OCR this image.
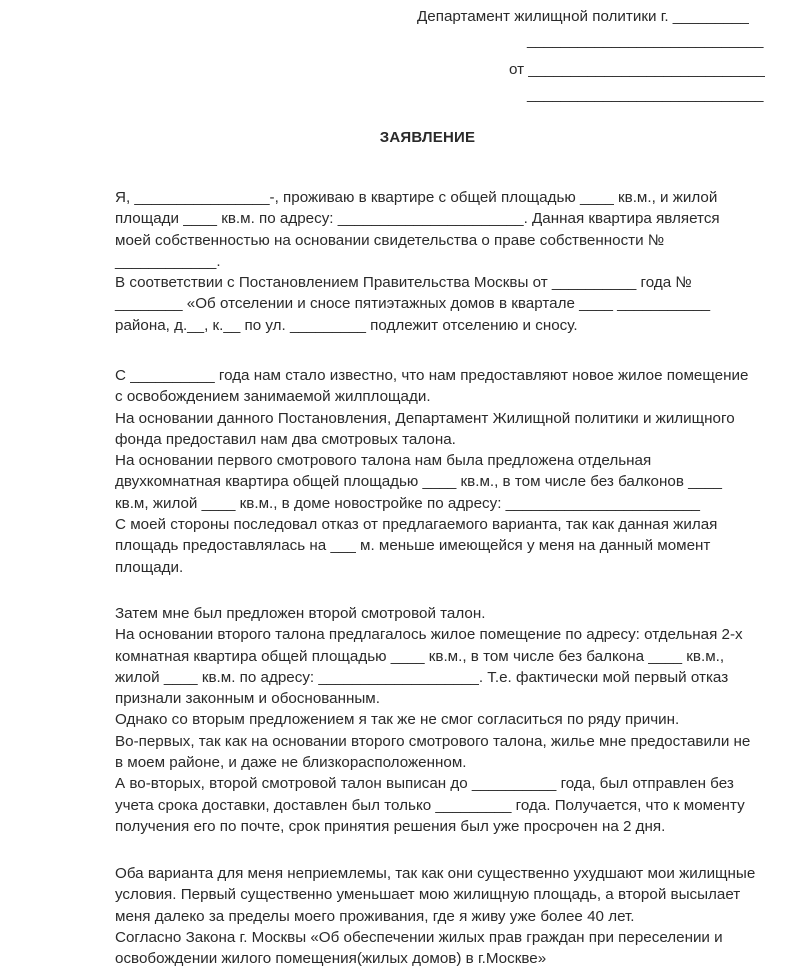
Департамент жилищной политики г. _________
____________________________
от ____________________________
____________________________
ЗАЯВЛЕНИЕ
Я, ________________-, проживаю в квартире с общей площадью ____ кв.м., и жилой
площади ____ кв.м. по адресу: ______________________. Данная квартира является
моей собственностью на основании свидетельства о праве собственности №
____________.
В соответствии с Постановлением Правительства Москвы от __________ года №
________ «Об отселении и сносе пятиэтажных домов в квартале ____ ___________
района, д.__, к.__ по ул. _________ подлежит отселению и сносу.
С __________ года нам стало известно, что нам предоставляют новое жилое помещение
с освобождением занимаемой жилплощади.
На основании данного Постановления, Департамент Жилищной политики и жилищного
фонда предоставил нам два смотровых талона.
На основании первого смотрового талона нам была предложена отдельная
двухкомнатная квартира общей площадью ____ кв.м., в том числе без балконов ____
кв.м, жилой ____ кв.м., в доме новостройке по адресу: _______________________
С моей стороны последовал отказ от предлагаемого варианта, так как данная жилая
площадь предоставлялась на ___ м. меньше имеющейся у меня на данный момент
площади.
Затем мне был предложен второй смотровой талон.
На основании второго талона предлагалось жилое помещение по адресу: отдельная 2-х
комнатная квартира общей площадью ____ кв.м., в том числе без балкона ____ кв.м.,
жилой ____ кв.м. по адресу: ___________________. Т.е. фактически мой первый отказ
признали законным и обоснованным.
Однако со вторым предложением я так же не смог согласиться по ряду причин.
Во-первых, так как на основании второго смотрового талона, жилье мне предоставили не
в моем районе, и даже не близкорасположенном.
А во-вторых, второй смотровой талон выписан до __________ года, был отправлен без
учета срока доставки, доставлен был только _________ года. Получается, что к моменту
получения его по почте, срок принятия решения был уже просрочен на 2 дня.
Оба варианта для меня неприемлемы, так как они существенно ухудшают мои жилищные
условия. Первый существенно уменьшает мою жилищную площадь, а второй высылает
меня далеко за пределы моего проживания, где я живу уже более 40 лет.
Согласно Закона г. Москвы «Об обеспечении жилых прав граждан при переселении и
освобождении жилого помещения(жилых домов) в г.Москве»
